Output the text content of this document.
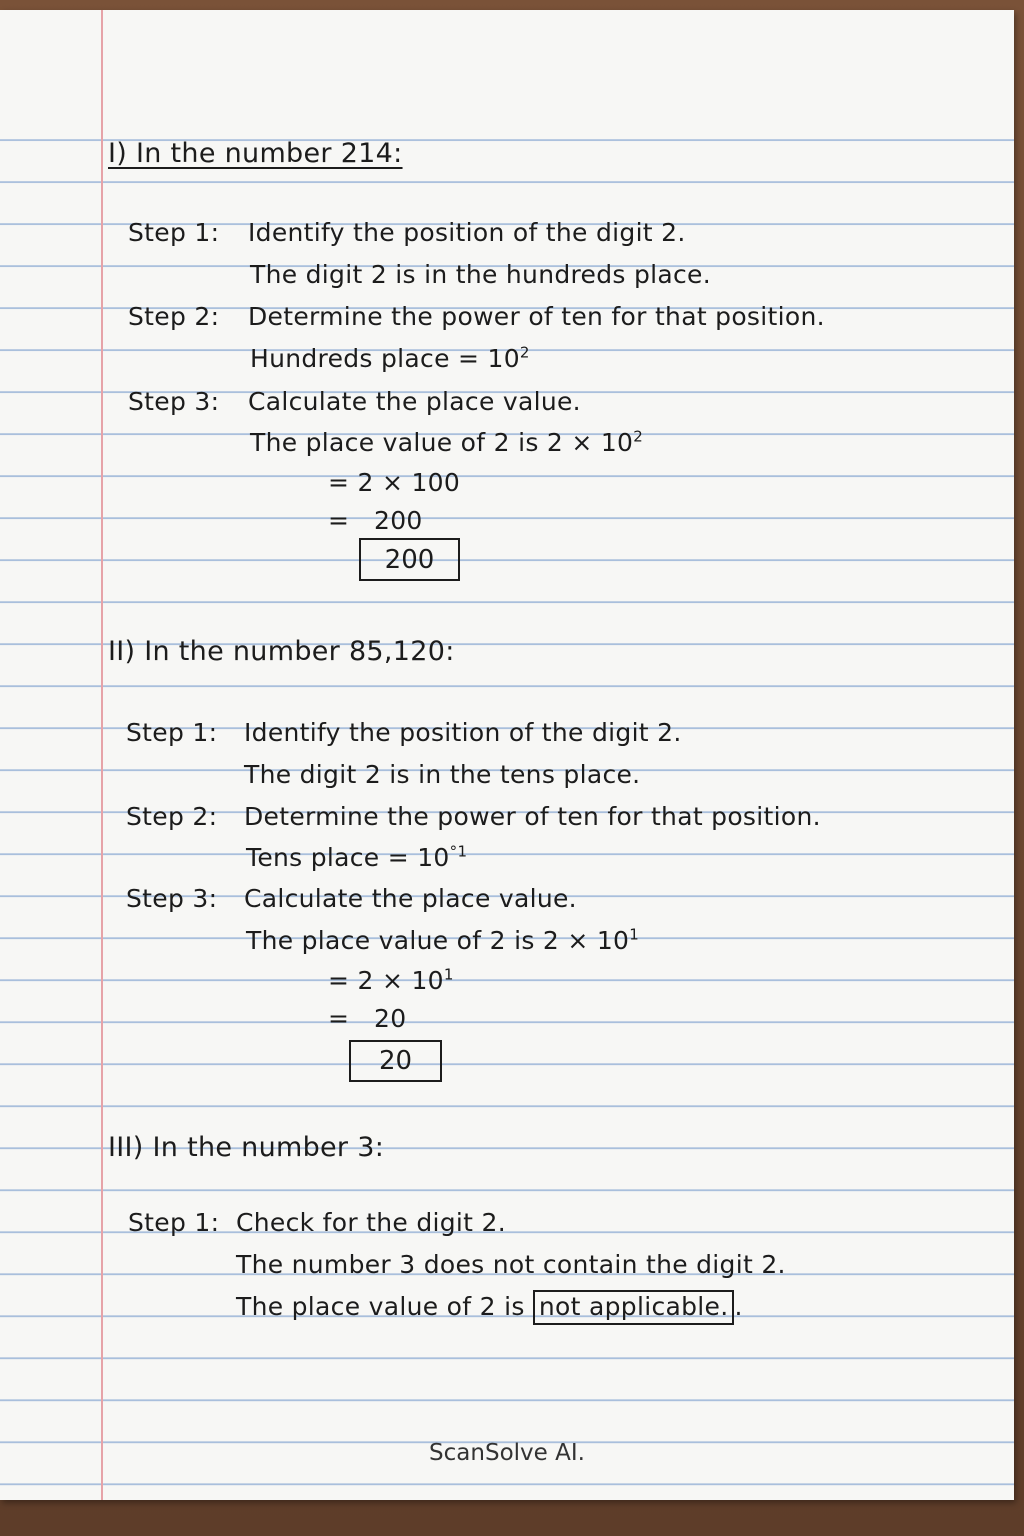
I) In the number 214:
Step 1: Identify the position of the digit 2.
The digit 2 is in the hundreds place.
Step 2: Determine the power of ten for that position.
Hundreds place = $10^2$
Step 3: Calculate the place value.
The place value of 2 is $2 \times 10^2$
= 2 × 100
=   200
200
II) In the number 85,120:
Step 1: Identify the position of the digit 2.
The digit 2 is in the tens place.
Step 2: Determine the power of ten for that position.
Tens place = $10^{^\circ 1}$
Step 3: Calculate the place value.
The place value of 2 is $2 \times 10^1$
= $2 \times 10^1$
=   20
20
III) In the number 3:
Step 1: Check for the digit 2.
The number 3 does not contain the digit 2.
The place value of 2 is not applicable. .
ScanSolve AI.
